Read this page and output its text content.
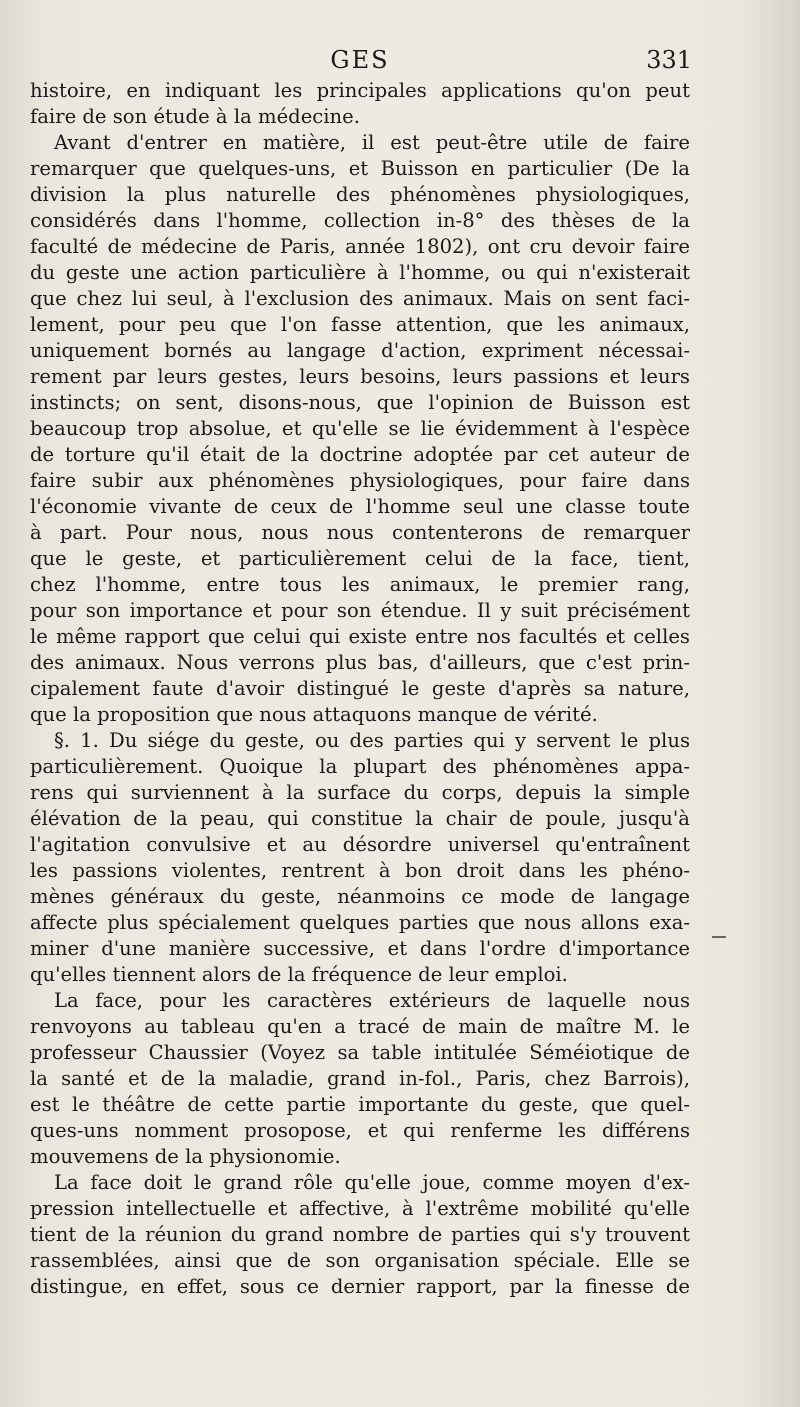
GES	331
histoire, en indiquant les principales applications qu'on peut
faire de son étude à la médecine.
Avant d'entrer en matière, il est peut-être utile de faire
remarquer que quelques-uns, et Buisson en particulier (De la
division la plus naturelle des phénomènes physiologiques,
considérés dans l'homme, collection in-8° des thèses de la
faculté de médecine de Paris, année 1802), ont cru devoir faire
du geste une action particulière à l'homme, ou qui n'existerait
que chez lui seul, à l'exclusion des animaux. Mais on sent faci-
lement, pour peu que l'on fasse attention, que les animaux,
uniquement bornés au langage d'action, expriment nécessai-
rement par leurs gestes, leurs besoins, leurs passions et leurs
instincts; on sent, disons-nous, que l'opinion de Buisson est
beaucoup trop absolue, et qu'elle se lie évidemment à l'espèce
de torture qu'il était de la doctrine adoptée par cet auteur de
faire subir aux phénomènes physiologiques, pour faire dans
l'économie vivante de ceux de l'homme seul une classe toute
à part. Pour nous, nous nous contenterons de remarquer
que le geste, et particulièrement celui de la face, tient,
chez l'homme, entre tous les animaux, le premier rang,
pour son importance et pour son étendue. Il y suit précisément
le même rapport que celui qui existe entre nos facultés et celles
des animaux. Nous verrons plus bas, d'ailleurs, que c'est prin-
cipalement faute d'avoir distingué le geste d'après sa nature,
que la proposition que nous attaquons manque de vérité.
§. 1. Du siége du geste, ou des parties qui y servent le plus
particulièrement. Quoique la plupart des phénomènes appa-
rens qui surviennent à la surface du corps, depuis la simple
élévation de la peau, qui constitue la chair de poule, jusqu'à
l'agitation convulsive et au désordre universel qu'entraînent
les passions violentes, rentrent à bon droit dans les phéno-
mènes généraux du geste, néanmoins ce mode de langage
affecte plus spécialement quelques parties que nous allons exa-
miner d'une manière successive, et dans l'ordre d'importance
qu'elles tiennent alors de la fréquence de leur emploi.
La face, pour les caractères extérieurs de laquelle nous
renvoyons au tableau qu'en a tracé de main de maître M. le
professeur Chaussier (Voyez sa table intitulée Séméiotique de
la santé et de la maladie, grand in-fol., Paris, chez Barrois),
est le théâtre de cette partie importante du geste, que quel-
ques-uns nomment prosopose, et qui renferme les différens
mouvemens de la physionomie.
La face doit le grand rôle qu'elle joue, comme moyen d'ex-
pression intellectuelle et affective, à l'extrême mobilité qu'elle
tient de la réunion du grand nombre de parties qui s'y trouvent
rassemblées, ainsi que de son organisation spéciale. Elle se
distingue, en effet, sous ce dernier rapport, par la finesse de
